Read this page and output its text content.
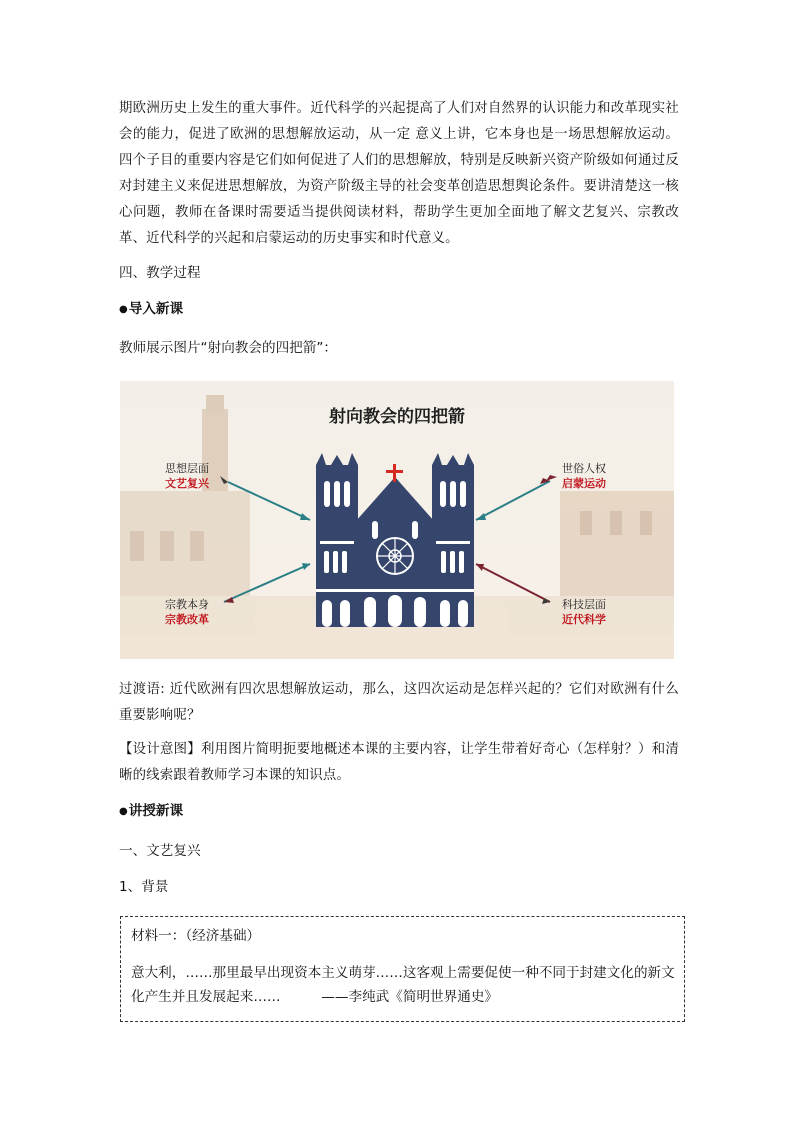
期欧洲历史上发生的重大事件。近代科学的兴起提高了人们对自然界的认识能力和改革现实社会的能力，促进了欧洲的思想解放运动，从一定 意义上讲，它本身也是一场思想解放运动。四个子目的重要内容是它们如何促进了人们的思想解放，特别是反映新兴资产阶级如何通过反对封建主义来促进思想解放，为资产阶级主导的社会变革创造思想舆论条件。要讲清楚这一核心问题，教师在备课时需要适当提供阅读材料，帮助学生更加全面地了解文艺复兴、宗教改革、近代科学的兴起和启蒙运动的历史事实和时代意义。

四、教学过程

●导入新课

教师展示图片“射向教会的四把箭”：

射向教会的四把箭
思想层面
文艺复兴
世俗人权
启蒙运动
宗教本身
宗教改革
科技层面
近代科学

过渡语: 近代欧洲有四次思想解放运动，那么，这四次运动是怎样兴起的？它们对欧洲有什么重要影响呢？

【设计意图】利用图片简明扼要地概述本课的主要内容，让学生带着好奇心（怎样射？）和清晰的线索跟着教师学习本课的知识点。

●讲授新课

一、文艺复兴

1、背景

材料一：（经济基础）
意大利，……那里最早出现资本主义萌芽……这客观上需要促使一种不同于封建文化的新文化产生并且发展起来……　　　——李纯武《简明世界通史》
